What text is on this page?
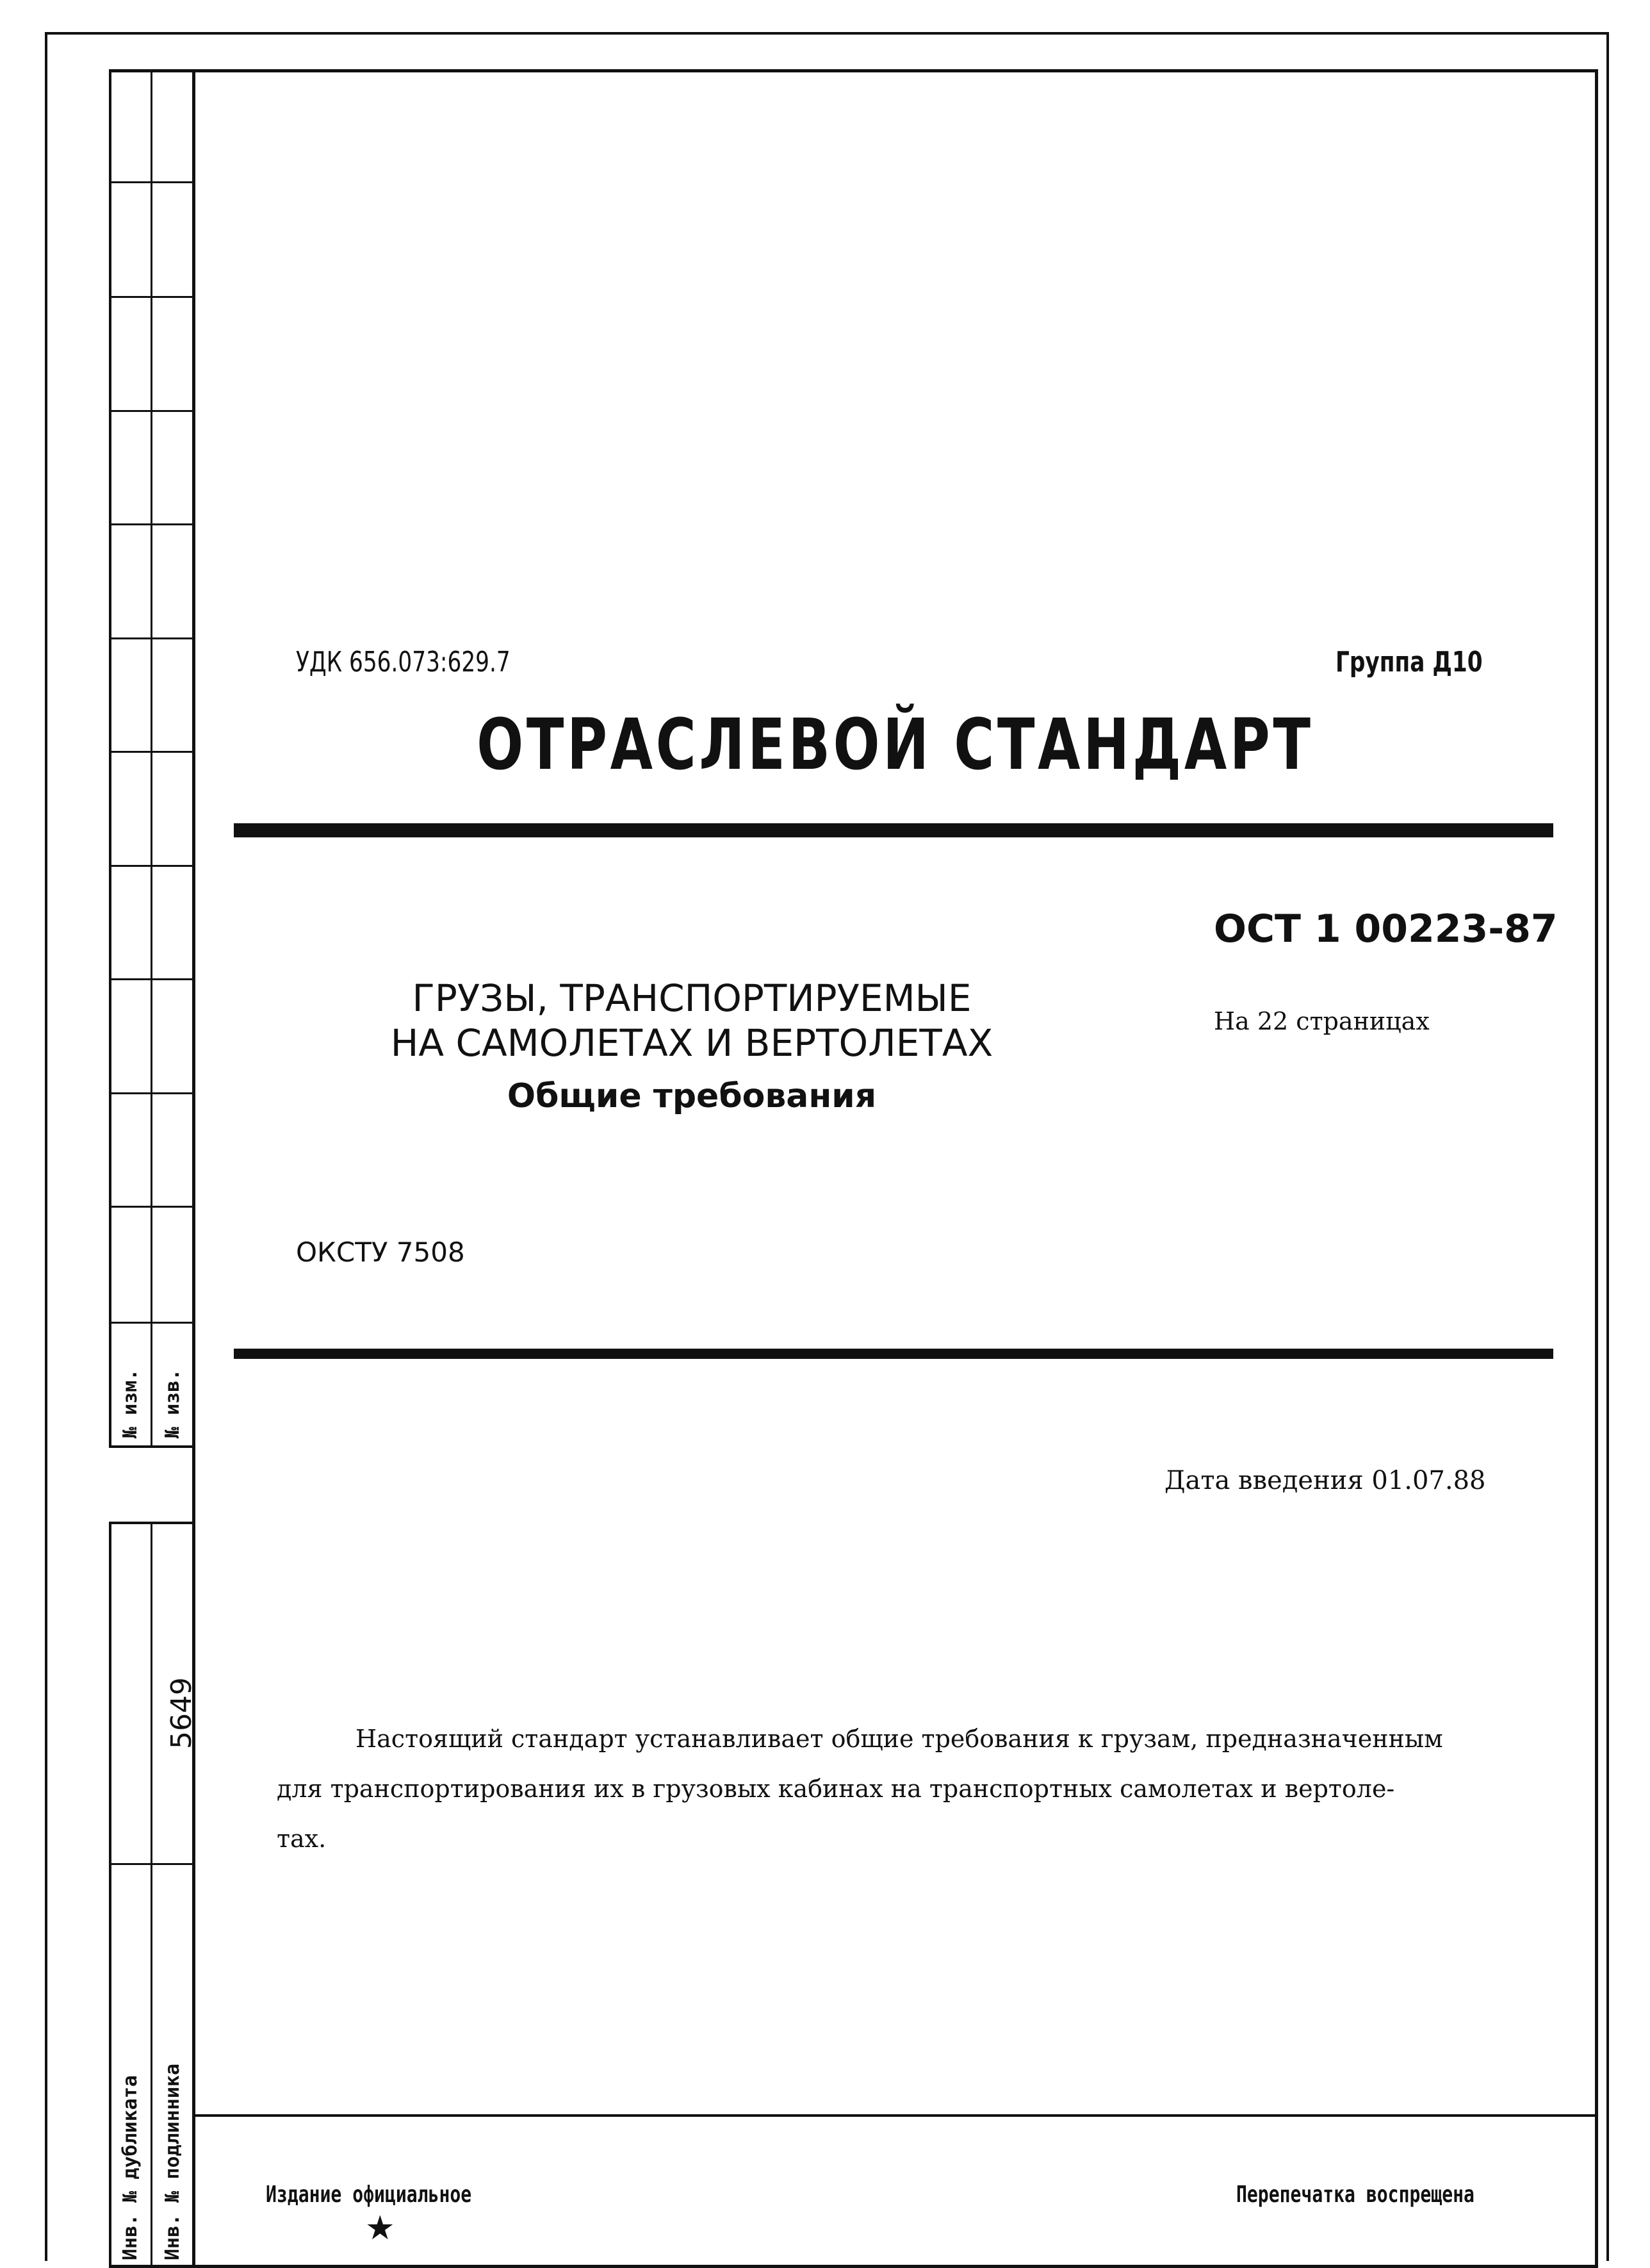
№ изм. № изв.
5649
Инв. № дубликата Инв. № подлинника
УДК 656.073:629.7	Группа Д10
ОТРАСЛЕВОЙ СТАНДАРТ
ОСТ 1 00223-87
На 22 страницах
ГРУЗЫ, ТРАНСПОРТИРУЕМЫЕ
НА САМОЛЕТАХ И ВЕРТОЛЕТАХ
Общие требования
ОКСТУ 7508
Дата введения 01.07.88
Настоящий стандарт устанавливает общие требования к грузам, предназначенным
для транспортирования их в грузовых кабинах на транспортных самолетах и вертоле-
тах.
Издание официальное
★
Перепечатка воспрещена
